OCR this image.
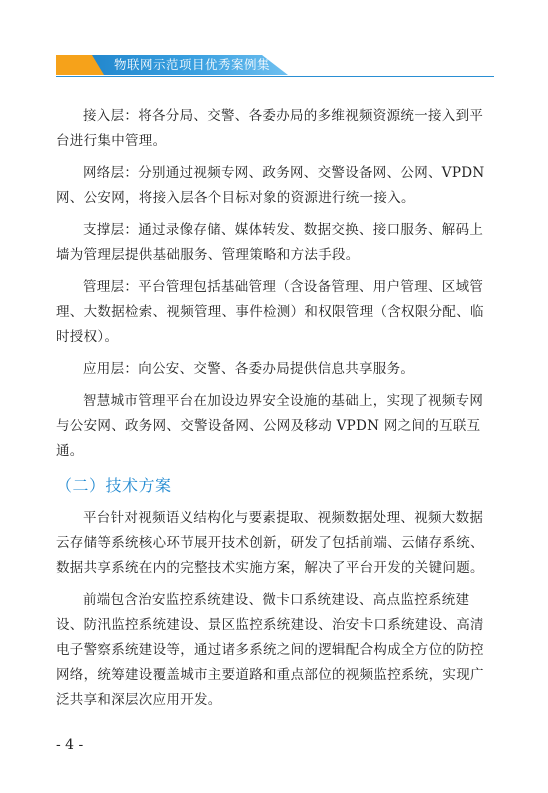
物联网示范项目优秀案例集

接入层：将各分局、交警、各委办局的多维视频资源统一接入到平台进行集中管理。

网络层：分别通过视频专网、政务网、交警设备网、公网、VPDN 网、公安网，将接入层各个目标对象的资源进行统一接入。

支撑层：通过录像存储、媒体转发、数据交换、接口服务、解码上墙为管理层提供基础服务、管理策略和方法手段。

管理层：平台管理包括基础管理（含设备管理、用户管理、区域管理、大数据检索、视频管理、事件检测）和权限管理（含权限分配、临时授权）。

应用层：向公安、交警、各委办局提供信息共享服务。

智慧城市管理平台在加设边界安全设施的基础上，实现了视频专网与公安网、政务网、交警设备网、公网及移动 VPDN 网之间的互联互通。

（二）技术方案

平台针对视频语义结构化与要素提取、视频数据处理、视频大数据云存储等系统核心环节展开技术创新，研发了包括前端、云储存系统、数据共享系统在内的完整技术实施方案，解决了平台开发的关键问题。

前端包含治安监控系统建设、微卡口系统建设、高点监控系统建设、防汛监控系统建设、景区监控系统建设、治安卡口系统建设、高清电子警察系统建设等，通过诸多系统之间的逻辑配合构成全方位的防控网络，统筹建设覆盖城市主要道路和重点部位的视频监控系统，实现广泛共享和深层次应用开发。

- 4 -
